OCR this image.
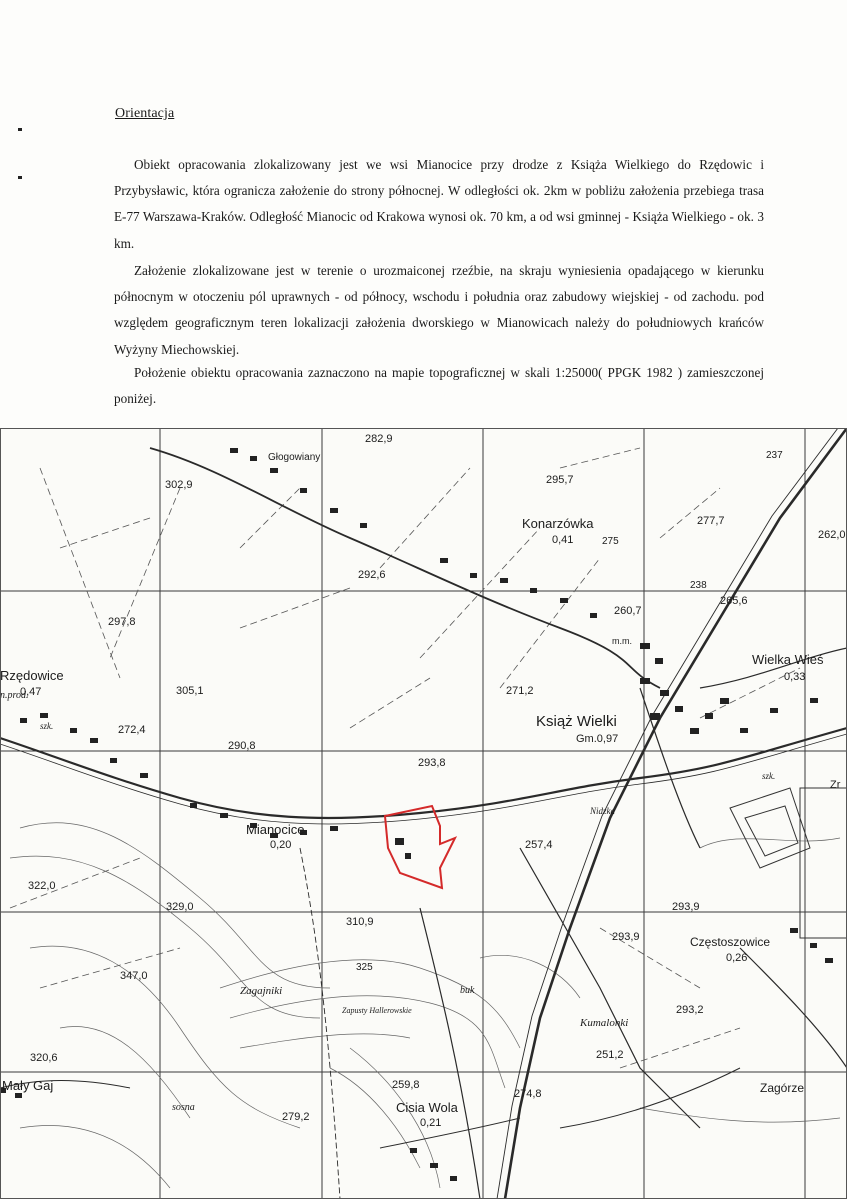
Orientacja

Obiekt opracowania zlokalizowany jest we wsi Mianocice przy drodze z Książa Wielkiego do Rzędowic i Przybysławic, która ogranicza założenie do strony północnej. W odległości ok. 2km w pobliżu założenia przebiega trasa E-77 Warszawa-Kraków. Odległość Mianocic od Krakowa wynosi ok. 70 km, a od wsi gminnej - Książa Wielkiego - ok. 3 km.

Założenie zlokalizowane jest w terenie o urozmaiconej rzeźbie, na skraju wyniesienia opadającego w kierunku północnym w otoczeniu pól uprawnych - od północy, wschodu i południa oraz zabudowy wiejskiej - od zachodu. pod względem geograficznym teren lokalizacji założenia dworskiego w Mianowicach należy do południowych krańców Wyżyny Miechowskiej.

Położenie obiektu opracowania zaznaczono na mapie topograficznej w skali 1:25000( PPGK 1982 ) zamieszczonej poniżej.

Głogowiany
282,9
302,9	295,7
Konarzówka
0,41	275
277,7
237
262,0
292,6
238
265,6
260,7
297,8
m.m.
Wielka Wieś
0,33
Rzędowice
0,47
n.prod.
szk.
305,1	271,2
Książ Wielki
Gm.0,97
272,4
290,8
293,8
szk.
Zr
Nidzka
Mianocice
0,20	257,4
322,0
329,0	293,9
310,9
293,9	Częstoszowice
0,26
347,0
325
Zagajniki	buk
293,2
Zapusty Hallerowskie
Kumalonki
320,6	251,2
Mały Gaj	259,8
274,8	Zagórze
sosna
279,2
Cisia Wola
0,21
